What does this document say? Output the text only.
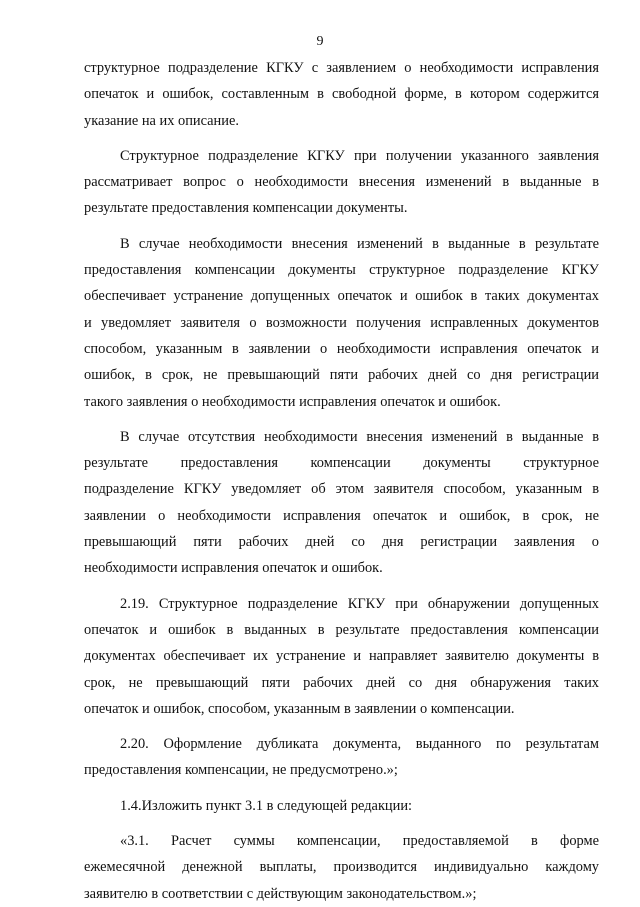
9
структурное подразделение КГКУ с заявлением о необходимости исправления
опечаток и ошибок, составленным в свободной форме, в котором содержится
указание на их описание.
Структурное подразделение КГКУ при получении указанного заявления
рассматривает вопрос о необходимости внесения изменений в выданные в
результате предоставления компенсации документы.
В случае необходимости внесения изменений в выданные в результате
предоставления компенсации документы структурное подразделение КГКУ
обеспечивает устранение допущенных опечаток и ошибок в таких документах
и уведомляет заявителя о возможности получения исправленных документов
способом, указанным в заявлении о необходимости исправления опечаток и
ошибок, в срок, не превышающий пяти рабочих дней со дня регистрации
такого заявления о необходимости исправления опечаток и ошибок.
В случае отсутствия необходимости внесения изменений в выданные в
результате предоставления компенсации документы структурное
подразделение КГКУ уведомляет об этом заявителя способом, указанным в
заявлении о необходимости исправления опечаток и ошибок, в срок, не
превышающий пяти рабочих дней со дня регистрации заявления о
необходимости исправления опечаток и ошибок.
2.19. Структурное подразделение КГКУ при обнаружении допущенных
опечаток и ошибок в выданных в результате предоставления компенсации
документах обеспечивает их устранение и направляет заявителю документы в
срок, не превышающий пяти рабочих дней со дня обнаружения таких
опечаток и ошибок, способом, указанным в заявлении о компенсации.
2.20. Оформление дубликата документа, выданного по результатам
предоставления компенсации, не предусмотрено.»;
1.4.Изложить пункт 3.1 в следующей редакции:
«3.1. Расчет суммы компенсации, предоставляемой в форме
ежемесячной денежной выплаты, производится индивидуально каждому
заявителю в соответствии с действующим законодательством.»;
